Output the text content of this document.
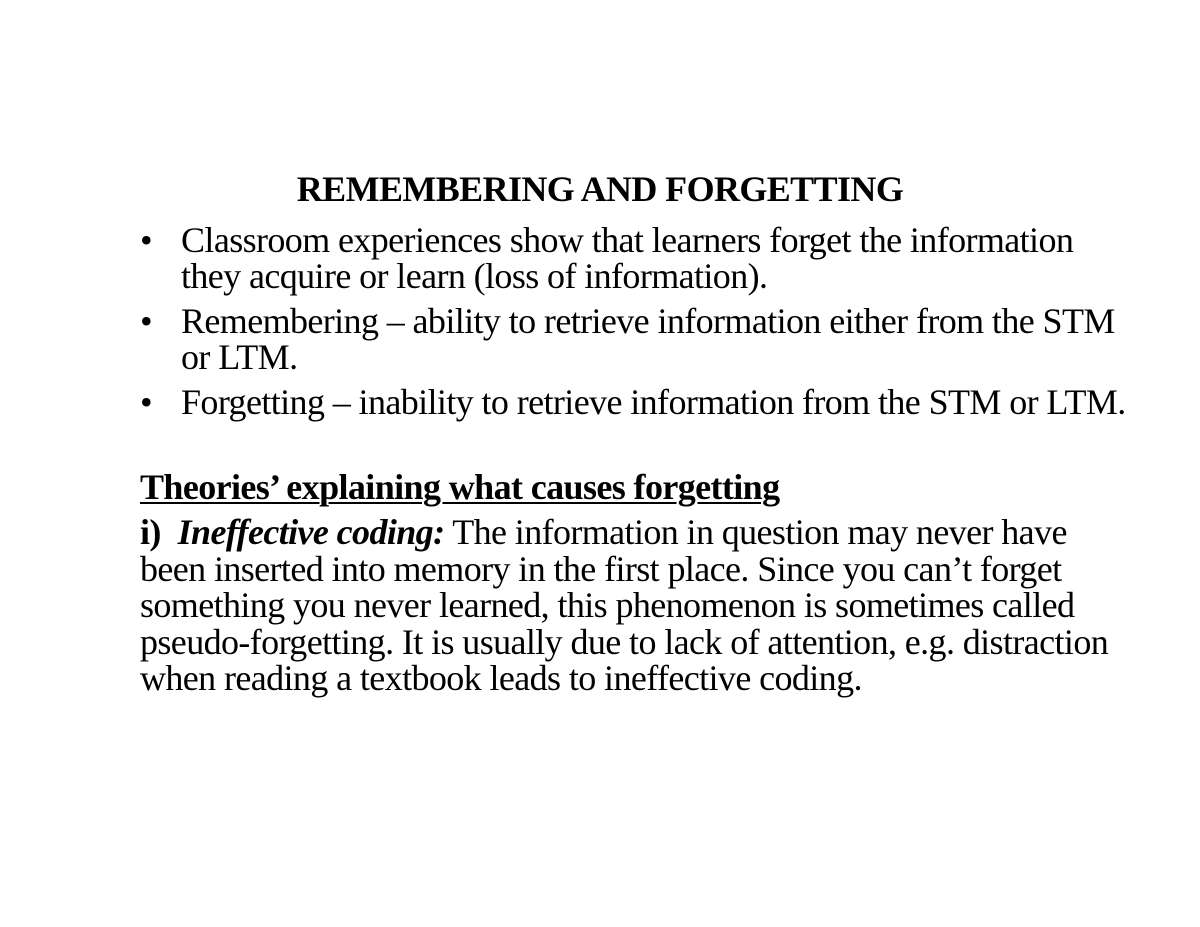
REMEMBERING AND FORGETTING
• Classroom experiences show that learners forget the information they acquire or learn (loss of information).
• Remembering – ability to retrieve information either from the STM or LTM.
• Forgetting – inability to retrieve information from the STM or LTM.
Theories’ explaining what causes forgetting

i) Ineffective coding: The information in question may never have been inserted into memory in the first place. Since you can’t forget something you never learned, this phenomenon is sometimes called pseudo-forgetting. It is usually due to lack of attention, e.g. distraction when reading a textbook leads to ineffective coding.
